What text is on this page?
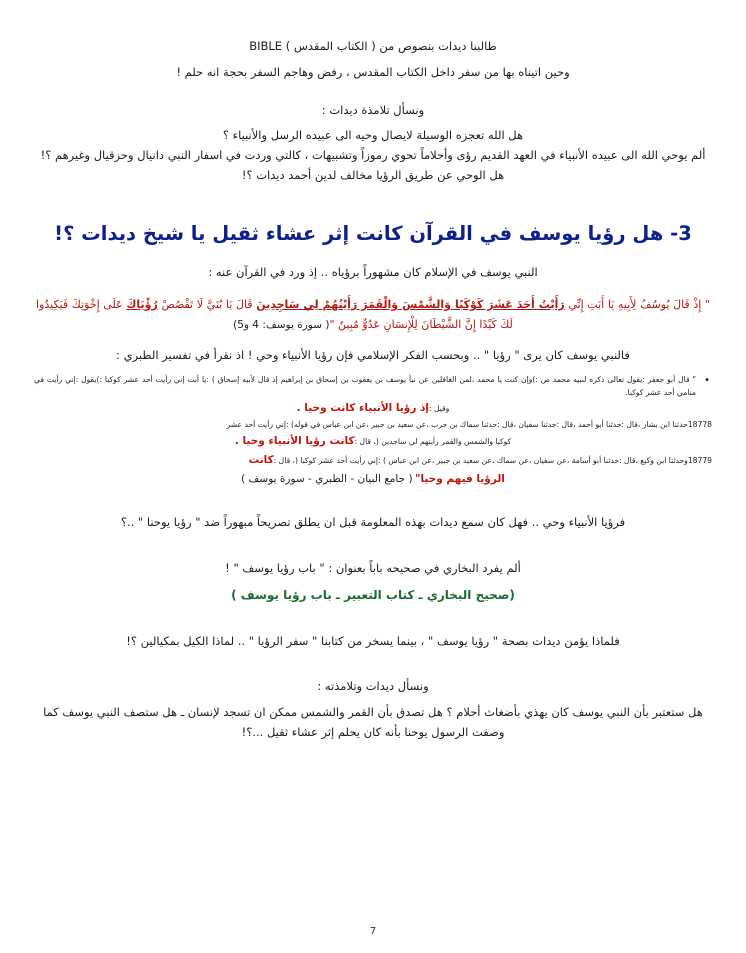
طالبنا ديدات بنصوص من ( الكتاب المقدس ) BIBLE
وحين اتيناه بها من سفر داخل الكتاب المقدس ، رفض وهاجم السفر بحجة انه حلم !
ونسأل تلامذة ديدات :
هل الله تعجزه الوسيلة لايصال وحيه الى عبيده الرسل والأنبياء ؟
ألم يوحي الله الى عبيده الأنبياء في العهد القديم رؤى وأحلاماً تحوي رموزاً وتشبيهات ، كالتي وردت في اسفار النبي دانيال وحزقيال وغيرهم ؟!
هل الوحي عن طريق الرؤيا مخالف لدين أحمد ديدات ؟!
3- هل رؤيا يوسف في القرآن كانت إثر عشاء ثقيل يا شيخ ديدات ؟!
النبي يوسف في الإسلام كان مشهوراً برؤياه .. إذ ورد في القرآن عنه :
" إِذْ قَالَ يُوسُفُ لِأَبِيهِ يَا أَبَتِ إِنِّي رَأَيْتُ أَحَدَ عَشَرَ كَوْكَبًا وَالشَّمْسَ وَالْقَمَرَ رَأَيْتُهُمْ لِي سَاجِدِينَ قَالَ يَا بُنَيَّ لَا تَقْصُصْ رُؤْيَاكَ عَلَى إِخْوَتِكَ فَيَكِيدُوا لَكَ كَيْدًا إِنَّ الشَّيْطَانَ لِلْإِنسَانِ عَدُوٌّ مُبِينٌ "( سورة يوسف: 4 و5)
فالنبي يوسف كان يرى " رؤيا " .. وبحسب الفكر الإسلامي فإن رؤيا الأنبياء وحي ! اذ نقرأ في تفسير الطبري :
• " قال أبو جعفر :يقول تعالى ذكره لنبيه محمد ص :)وإن كنت يا محمد ،لمن الغافلين عن نبأ يوسف بن يعقوب بن إسحاق بن إبراهيم إذ قال لأبيه إسحاق ) :يا أبت إني رأيت أحد عشر كوكبا :)يقول :إني رأيت في منامي أحد عشر كوكبا.
وقيل :إذ رؤيا الأنبياء كانت وحيا .
18778حدثنا ابن بشار ،قال :حدثنا أبو أحمد ،قال :حدثنا سفيان ،قال :حدثنا سماك بن حرب ،عن سعيد بن جبير ،عن ابن عباس في قوله) :إني رأيت أحد عشر
كوكبا والشمس والقمر رأيتهم لي ساجدين (، قال :كانت رؤيا الأنبياء وحيا .
18779وحدثنا ابن وكيع ،قال :حدثنا أبو أسامة ،عن سفيان ،عن سماك ،عن سعيد بن جبير ،عن ابن عباس ) :إني رأيت أحد عشر كوكبا (، قال :كانت
الرؤيا فيهم وحيا" ( جامع البيان - الطبري - سورة يوسف )
فرؤيا الأنبياء وحي .. فهل كان سمع ديدات بهذه المعلومة قبل ان يطلق تصريحاً مبهوراً ضد " رؤيا يوحنا " ..؟
ألم يفرد البخاري في صحيحه باباً بعنوان : " باب رؤيا يوسف " !
(صحيح البخاري ـ كتاب التعبير ـ باب رؤيا يوسف )
فلماذا يؤمن ديدات بصحة " رؤيا يوسف " ، بينما يسخر من كتابنا " سفر الرؤيا " .. لماذا الكيل بمكيالين ؟!
ونسأل ديدات وتلامذته :
هل ستعتبر بأن النبي يوسف كان يهذي بأضغاث أحلام ؟ هل تصدق بأن القمر والشمس ممكن ان تسجد لإنسان ـ هل ستصف النبي يوسف كما
وصفت الرسول يوحنا بأنه كان يحلم إثر عشاء ثقيل ...؟!
7
